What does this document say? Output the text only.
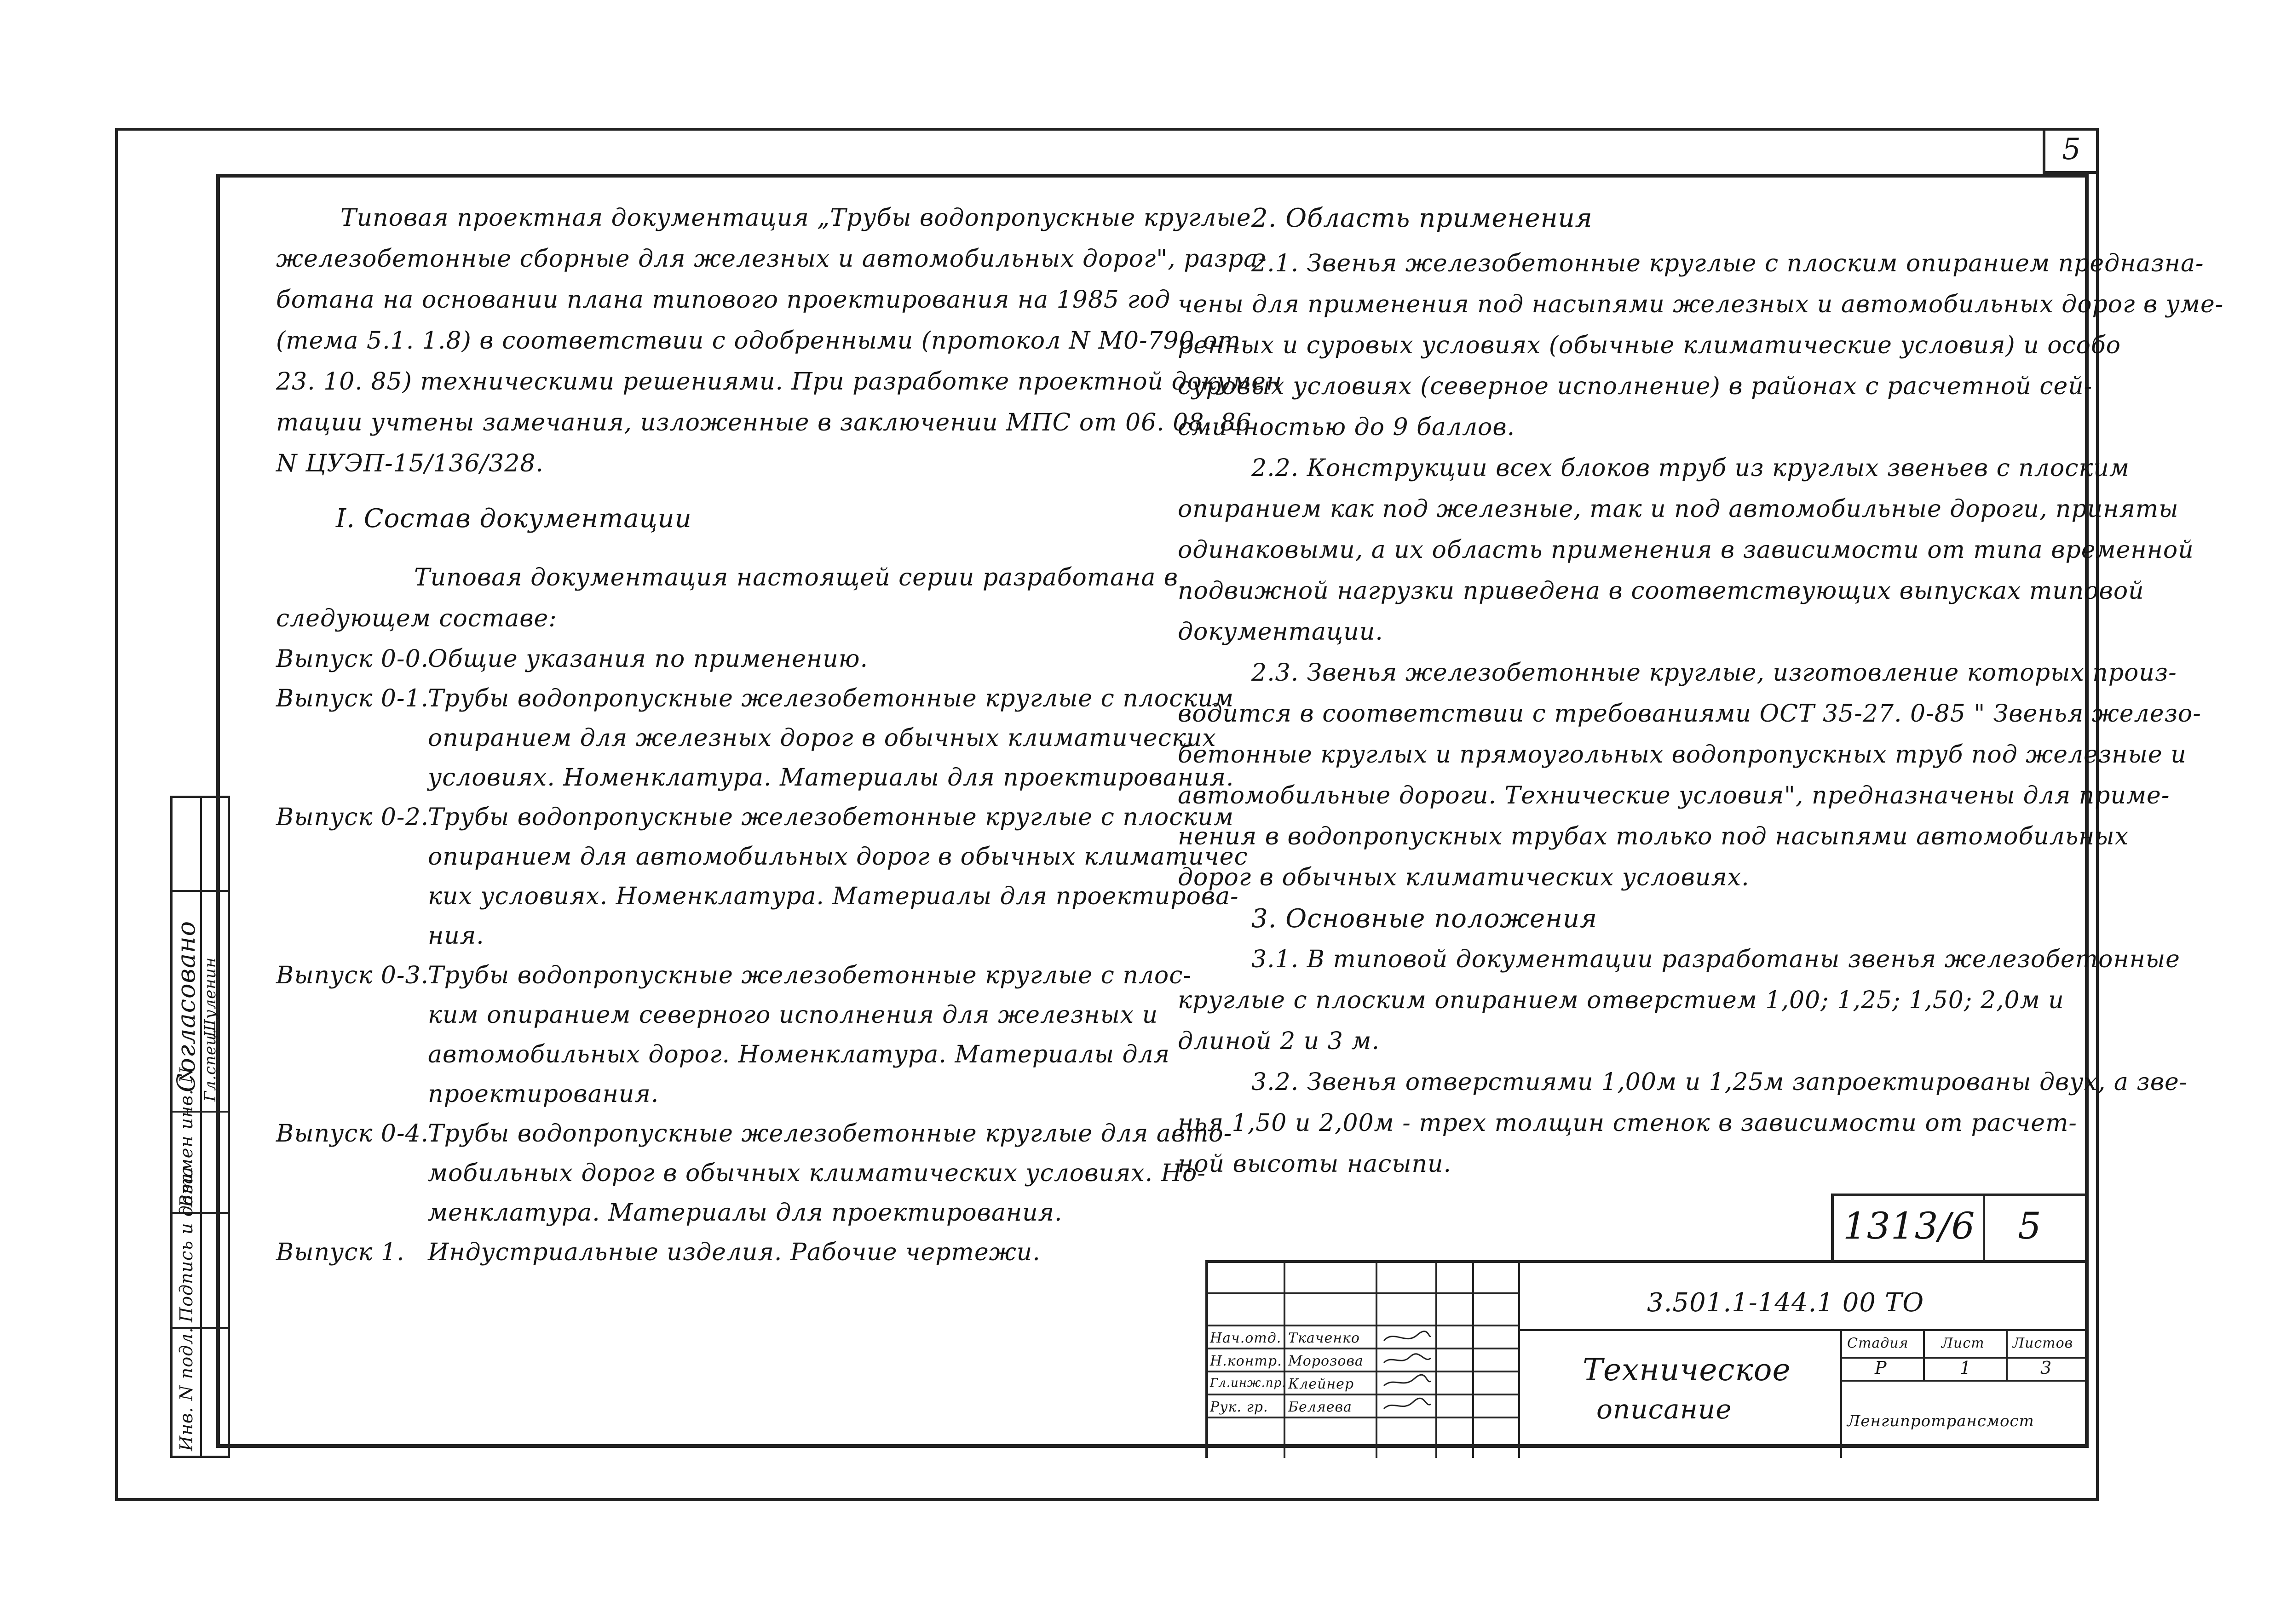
5

Типовая проектная документация „Трубы водопропускные круглые

железобетонные сборные для железных и автомобильных дорог", разра-

ботана на основании плана типового проектирования на 1985 год

(тема 5.1. 1.8) в соответствии с одобренными (протокол N М0-790 от

23. 10. 85) техническими решениями. При разработке проектной докумен

тации учтены замечания, изложенные в заключении МПС от 06. 08. 86

N ЦУЭП-15/136/328.

I. Состав документации

Типовая документация настоящей серии разработана в

следующем составе:

Выпуск 0-0.

Общие указания по применению.

Выпуск 0-1.

Трубы водопропускные железобетонные круглые с плоским

опиранием для железных дорог в обычных климатических

условиях. Номенклатура. Материалы для проектирования.

Выпуск 0-2.

Трубы водопропускные железобетонные круглые с плоским

опиранием для автомобильных дорог в обычных климатичес

ких условиях. Номенклатура. Материалы для проектирова-

ния.

Выпуск 0-3.

Трубы водопропускные железобетонные круглые с плос-

ким опиранием северного исполнения для железных и

автомобильных дорог. Номенклатура. Материалы для

проектирования.

Выпуск 0-4.

Трубы водопропускные железобетонные круглые для авто-

мобильных дорог в обычных климатических условиях. Но-

менклатура. Материалы для проектирования.

Выпуск 1. Индустриальные изделия. Рабочие чертежи.

2. Область применения

2.1. Звенья железобетонные круглые с плоским опиранием предназна-

чены для применения под насыпями железных и автомобильных дорог в уме-

ренных и суровых условиях (обычные климатические условия) и особо

суровых условиях (северное исполнение) в районах с расчетной сей-

смичностью до 9 баллов.

2.2. Конструкции всех блоков труб из круглых звеньев с плоским

опиранием как под железные, так и под автомобильные дороги, приняты

одинаковыми, а их область применения в зависимости от типа временной

подвижной нагрузки приведена в соответствующих выпусках типовой

документации.

2.3. Звенья железобетонные круглые, изготовление которых произ-

водится в соответствии с требованиями ОСТ 35-27. 0-85 " Звенья железо-

бетонные круглых и прямоугольных водопропускных труб под железные и

автомобильные дороги. Технические условия", предназначены для приме-

нения в водопропускных трубах только под насыпями автомобильных

дорог в обычных климатических условиях.

3. Основные положения

3.1. В типовой документации разработаны звенья железобетонные

круглые с плоским опиранием отверстием 1,00; 1,25; 1,50; 2,0м и

длиной 2 и 3 м.

3.2. Звенья отверстиями 1,00м и 1,25м запроектированы двух, а зве-

нья 1,50 и 2,00м - трех толщин стенок в зависимости от расчет-

ной высоты насыпи.

Согласовано Гл.спец.
Шуленин
Инв. N подл.
Подпись и дата
Взамен инв. N
1313/6 5
3.501.1-144.1 00 ТО
Техническое
описание
Нач.отд. Ткаченко
Н.контр. Морозова
Гл.инж.пр. Клейнер
Рук. гр. Беляева
Стадия Лист Листов
Р	1	3
Ленгипротрансмост
